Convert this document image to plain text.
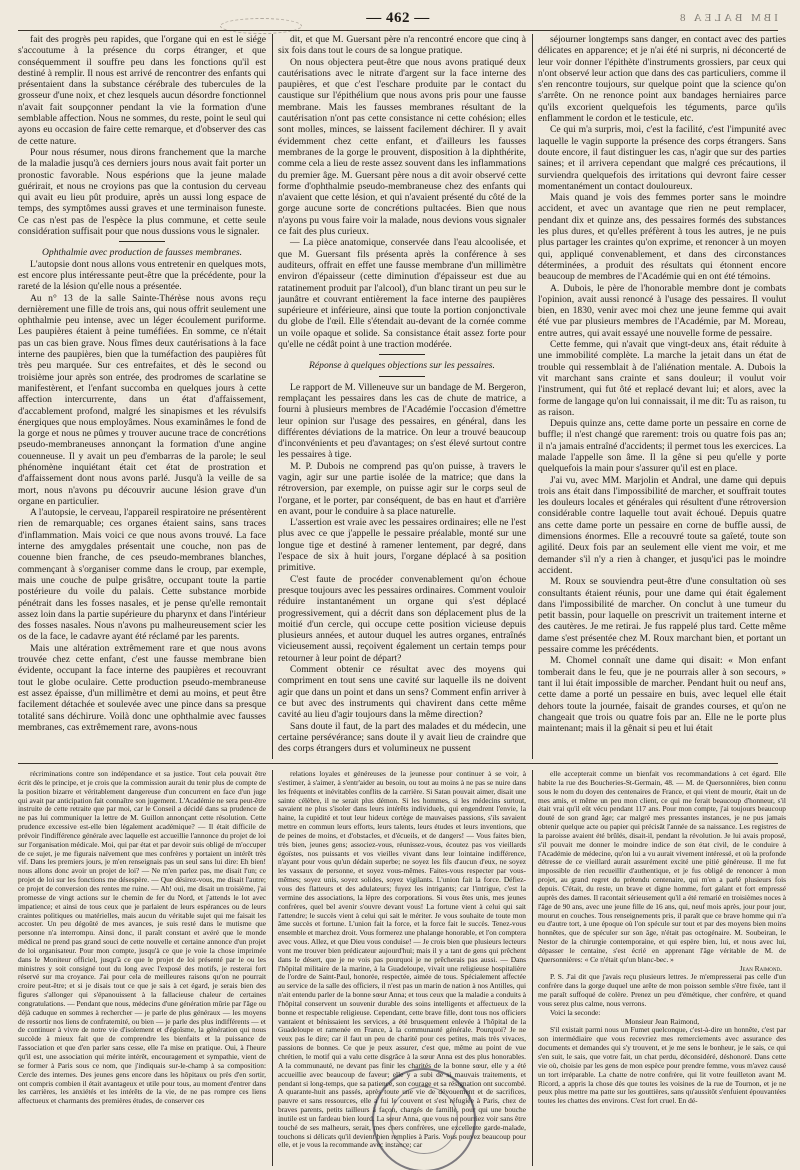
— 462 —	IBM BALEA 8

fait des progrès peu rapides, que l'organe qui en est le siége s'accoutume à la présence du corps étranger, et que conséquemment il souffre peu dans les fonctions qu'il est destiné à remplir. Il nous est arrivé de rencontrer des enfants qui présentaient dans la substance cérébrale des tubercules de la grosseur d'une noix, et chez lesquels aucun désordre fonctionnel n'avait fait soupçonner pendant la vie la formation d'une semblable affection. Nous ne sommes, du reste, point le seul qui ayons eu occasion de faire cette remarque, et d'observer des cas de cette nature.

Pour nous résumer, nous dirons franchement que la marche de la maladie jusqu'à ces derniers jours nous avait fait porter un pronostic favorable. Nous espérions que la jeune malade guérirait, et nous ne croyions pas que la contusion du cerveau qui avait eu lieu pût produire, après un aussi long espace de temps, des symptômes aussi graves et une terminaison funeste. Ce cas n'est pas de l'espèce la plus commune, et cette seule considération suffisait pour que nous dussions vous le signaler.

Ophthalmie avec production de fausses membranes.

L'autopsie dont nous allons vous entretenir en quelques mots, est encore plus intéressante peut-être que la précédente, pour la rareté de la lésion qu'elle nous a présentée.

Au n° 13 de la salle Sainte-Thérèse nous avons reçu dernièrement une fille de trois ans, qui nous offrit seulement une ophthalmie peu intense, avec un léger écoulement puriforme. Les paupières étaient à peine tuméfiées. En somme, ce n'était pas un cas bien grave. Nous fîmes deux cautérisations à la face interne des paupières, bien que la tuméfaction des paupières fût très peu marquée. Sur ces entrefaites, et dès le second ou troisième jour après son entrée, des prodromes de scarlatine se manifestèrent, et l'enfant succomba en quelques jours à cette affection intercurrente, dans un état d'affaissement, d'accablement profond, malgré les sinapismes et les révulsifs énergiques que nous employâmes. Nous examinâmes le fond de la gorge et nous ne pûmes y trouver aucune trace de concrétions pseudo-membraneuses annonçant la formation d'une angine couenneuse. Il y avait un peu d'embarras de la parole; le seul phénomène inquiétant était cet état de prostration et d'affaissement dont nous avons parlé. Jusqu'à la veille de sa mort, nous n'avons pu découvrir aucune lésion grave d'un organe en particulier.

A l'autopsie, le cerveau, l'appareil respiratoire ne présentèrent rien de remarquable; ces organes étaient sains, sans traces d'inflammation. Mais voici ce que nous avons trouvé. La face interne des amygdales présentait une couche, non pas de couenne bien franche, de ces pseudo-membranes blanches, commençant à s'organiser comme dans le croup, par exemple, mais une couche de pulpe grisâtre, occupant toute la partie postérieure du voile du palais. Cette substance morbide pénétrait dans les fosses nasales, et je pense qu'elle remontait assez loin dans la partie supérieure du pharynx et dans l'intérieur des fosses nasales. Nous n'avons pu malheureusement scier les os de la face, le cadavre ayant été réclamé par les parents.

Mais une altération extrêmement rare et que nous avons trouvée chez cette enfant, c'est une fausse membrane bien évidente, occupant la face interne des paupières et recouvrant tout le globe oculaire. Cette production pseudo-membraneuse est assez épaisse, d'un millimètre et demi au moins, et peut être facilement détachée et soulevée avec une pince dans sa presque totalité sans déchirure. Voilà donc une ophthalmie avec fausses membranes, cas extrêmement rare, avons-nous

dit, et que M. Guersant père n'a rencontré encore que cinq à six fois dans tout le cours de sa longue pratique.

On nous objectera peut-être que nous avons pratiqué deux cautérisations avec le nitrate d'argent sur la face interne des paupières, et que c'est l'eschare produite par le contact du caustique sur l'épithélium que nous avons pris pour une fausse membrane. Mais les fausses membranes résultant de la cautérisation n'ont pas cette consistance ni cette cohésion; elles sont molles, minces, se laissent facilement déchirer. Il y avait évidemment chez cette enfant, et d'ailleurs les fausses membranes de la gorge le prouvent, disposition à la diphthérite, comme cela a lieu de reste assez souvent dans les inflammations du premier âge. M. Guersant père nous a dit avoir observé cette forme d'ophthalmie pseudo-membraneuse chez des enfants qui n'avaient que cette lésion, et qui n'avaient présenté du côté de la gorge aucune sorte de concrétions pultacées. Bien que nous n'ayons pu vous faire voir la malade, nous devions vous signaler ce fait des plus curieux.

— La pièce anatomique, conservée dans l'eau alcoolisée, et que M. Guersant fils présenta après la conférence à ses auditeurs, offrait en effet une fausse membrane d'un millimètre environ d'épaisseur (cette diminution d'épaisseur est due au ratatinement produit par l'alcool), d'un blanc tirant un peu sur le jaunâtre et couvrant entièrement la face interne des paupières supérieure et inférieure, ainsi que toute la portion conjonctivale du globe de l'œil. Elle s'étendait au-devant de la cornée comme un voile opaque et solide. Sa consistance était assez forte pour qu'elle ne cédât point à une traction modérée.

Réponse à quelques objections sur les pessaires.

Le rapport de M. Villeneuve sur un bandage de M. Bergeron, remplaçant les pessaires dans les cas de chute de matrice, a fourni à plusieurs membres de l'Académie l'occasion d'émettre leur opinion sur l'usage des pessaires, en général, dans les différentes déviations de la matrice. On leur a trouvé beaucoup d'inconvénients et peu d'avantages; on s'est élevé surtout contre les pessaires à tige.

M. P. Dubois ne comprend pas qu'on puisse, à travers le vagin, agir sur une partie isolée de la matrice; que dans la rétroversion, par exemple, on puisse agir sur le corps seul de l'organe, et le porter, par conséquent, de bas en haut et d'arrière en avant, pour le conduire à sa place naturelle.

L'assertion est vraie avec les pessaires ordinaires; elle ne l'est plus avec ce que j'appelle le pessaire préalable, monté sur une longue tige et destiné à ramener lentement, par degré, dans l'espace de six à huit jours, l'organe déplacé à sa position primitive.

C'est faute de procéder convenablement qu'on échoue presque toujours avec les pessaires ordinaires. Comment vouloir réduire instantanément un organe qui s'est déplacé progressivement, qui a décrit dans son déplacement plus de la moitié d'un cercle, qui occupe cette position vicieuse depuis plusieurs années, et autour duquel les autres organes, entraînés vicieusement aussi, reçoivent également un certain temps pour retourner à leur point de départ?

Comment obtenir ce résultat avec des moyens qui compriment en tout sens une cavité sur laquelle ils ne doivent agir que dans un point et dans un sens? Comment enfin arriver à ce but avec des instruments qui chavirent dans cette même cavité au lieu d'agir toujours dans la même direction?

Sans doute il faut, de la part des malades et du médecin, une certaine persévérance; sans doute il y avait lieu de craindre que des corps étrangers durs et volumineux ne pussent

séjourner longtemps sans danger, en contact avec des parties délicates en apparence; et je n'ai été ni surpris, ni déconcerté de leur voir donner l'épithète d'instruments grossiers, par ceux qui n'ont observé leur action que dans des cas particuliers, comme il s'en rencontre toujours, sur quelque point que la science qu'on s'arrête. On ne renonce point aux bandages herniaires parce qu'ils excorient quelquefois les téguments, parce qu'ils enflamment le cordon et le testicule, etc.

Ce qui m'a surpris, moi, c'est la facilité, c'est l'impunité avec laquelle le vagin supporte la présence des corps étrangers. Sans doute encore, il faut distinguer les cas, n'agir que sur des parties saines; et il arrivera cependant que malgré ces précautions, il surviendra quelquefois des irritations qui devront faire cesser momentanément un contact douloureux.

Mais quand je vois des femmes porter sans le moindre accident, et avec un avantage que rien ne peut remplacer, pendant dix et quinze ans, des pessaires formés des substances les plus dures, et qu'elles préfèrent à tous les autres, je ne puis plus partager les craintes qu'on exprime, et renoncer à un moyen qui, appliqué convenablement, et dans des circonstances déterminées, a produit des résultats qui étonnent encore beaucoup de membres de l'Académie qui en ont été témoins.

A. Dubois, le père de l'honorable membre dont je combats l'opinion, avait aussi renoncé à l'usage des pessaires. Il voulut bien, en 1830, venir avec moi chez une jeune femme qui avait été vue par plusieurs membres de l'Académie, par M. Moreau, entre autres, qui avait essayé une nouvelle forme de pessaire.

Cette femme, qui n'avait que vingt-deux ans, était réduite à une immobilité complète. La marche la jetait dans un état de trouble qui ressemblait à de l'aliénation mentale. A. Dubois la vit marchant sans crainte et sans douleur; il voulut voir l'instrument, qui fut ôté et replacé devant lui; et alors, avec la forme de langage qu'on lui connaissait, il me dit: Tu as raison, tu as raison.

Depuis quinze ans, cette dame porte un pessaire en corne de buffle; il n'est changé que rarement: trois ou quatre fois pas an; il n'a jamais entraîné d'accidents; il permet tous les exercices. La malade l'appelle son âme. Il la gêne si peu qu'elle y porte quelquefois la main pour s'assurer qu'il est en place.

J'ai vu, avec MM. Marjolin et Andral, une dame qui depuis trois ans était dans l'impossibilité de marcher, et souffrait toutes les douleurs locales et générales qui résultent d'une rétroversion considérable contre laquelle tout avait échoué. Depuis quatre ans cette dame porte un pessaire en corne de buffle aussi, de dimensions énormes. Elle a recouvré toute sa gaîeté, toute son agilité. Deux fois par an seulement elle vient me voir, et me demander s'il n'y a rien à changer, et jusqu'ici pas le moindre accident.

M. Roux se souviendra peut-être d'une consultation où ses consultants étaient réunis, pour une dame qui était également dans l'impossibilité de marcher. On conclut à une tumeur du petit bassin, pour laquelle on prescrivit un traitement interne et des cautères. Je me retirai. Je fus rappelé plus tard. Cette même dame s'est présentée chez M. Roux marchant bien, et portant un pessaire comme les précédents.

M. Chomel connaît une dame qui disait: « Mon enfant tomberait dans le feu, que je ne pourrais aller à son secours, » tant il lui était impossible de marcher. Pendant huit ou neuf ans, cette dame a porté un pessaire en buis, avec lequel elle était dehors toute la journée, faisait de grandes courses, et qu'on ne changeait que trois ou quatre fois par an. Elle ne le porte plus maintenant; mais il la gênait si peu et lui était

récriminations contre son indépendance et sa justice. Tout cela pouvait être écrit dès le principe, et je crois que la commission aurait du tenir plus de compte de la position bizarre et véritablement dangereuse d'un concurrent en face d'un juge qui avait par anticipation fait connaître son jugement. L'Académie ne sera peut-être instruite de cette retraite que par moi, car le Conseil a décidé dans sa prudence de ne pas lui communiquer la lettre de M. Guillon annonçant cette résolution. Cette prudence excessive est-elle bien légalement académique? — Il était difficile de prévoir l'indifférence générale avec laquelle est accueillie l'annonce du projet de loi sur l'organisation médicale. Moi, qui par état et par devoir suis obligé de m'occuper de ce sujet, je me figurais naïvement que mes confrères y portaient un intérêt très vif. Dans les premiers jours, je m'en renseignais pas un seul sans lui dire: Eh bien! nous allons donc avoir un projet de loi? — Ne m'en parlez pas, me disait l'un; ce projet de loi sur les fonctions me désespère. — Que désirez-vous, me disait l'autre; ce projet de conversion des rentes me ruine. — Ah! oui, me disait un troisième, j'ai promesse de vingt actions sur le chemin de fer du Nord, et j'attends le lot avec impatience; et ainsi de tous ceux que je parlaient de leurs espérances ou de leurs craintes politiques ou matérielles, mais aucun du véritable sujet qui me faisait les accoster. Un peu dégoûté de mes avances, je suis resté dans le mutisme que personne n'a interrompu. Ainsi donc, il paraît constant et avéré que le monde médical ne prend pas grand souci de cette nouvelle et certaine annonce d'un projet de loi organisateur. Pour mon compte, jusqu'à ce que je voie la chose imprimée dans le Moniteur officiel, jusqu'à ce que le projet de loi présenté par le ou les ministres y soit consigné tout du long avec l'exposé des motifs, je resterai fort réservé sur ma croyance. J'ai pour cela de meilleures raisons qu'on ne pourrait croire peut-être; et si je disais tout ce que je sais à cet égard, je serais bien des figures s'allonger qui s'épanouissent à la fallacieuse chaleur de certaines congratulations. — Pendant que nous, médecins d'une génération mûrie par l'âge ou déjà caduque en sommes à rechercher — je parle de plus généraux — les moyens de ressortir nos liens de confraternité, ou bien — je parle des plus indifférents — et de continuer à vivre de notre vie d'isolement et d'égoïsme, la génération qui nous succède à mieux fait que de comprendre les bienfaits et la puissance de l'association et que d'en parler sans cesse, elle l'a mise en pratique. Oui, à l'heure qu'il est, une association qui mérite intérêt, encouragement et sympathie, vient de se former à Paris sous ce nom, que j'indiquais sur-le-champ à sa composition: Cercle des internes. Des jeunes gens encore dans les hôpitaux ou près d'en sortir, ont compris combien il était avantageux et utile pour tous, au moment d'entrer dans les carrières, les anxiétés et les intérêts de la vie, de ne pas rompre ces liens affectueux et charmants des premières études, de conserver ces

relations loyales et généreuses de la jeunesse pour continuer à se voir, à s'estimer, à s'aimer, à s'entr'aider au besoin, ou tout au moins à ne pas se nuire dans les fréquents et inévitables conflits de la carrière. Si Satan pouvait aimer, disait une sainte célèbre, il ne serait plus démon. Si les hommes, si les médecins surtout, savaient ne plus s'isoler dans leurs intérêts individuels, qui engendrent l'envie, la haine, la cupidité et tout leur hideux cortège de mauvaises passions, s'ils savaient mettre en commun leurs efforts, leurs talents, leurs études et leurs inventions, que de peines de moins, et d'obstacles, et d'écueils, et de dangers! — Vous faites bien, très bien, jeunes gens; associez-vous, réunissez-vous, écoutez pas vos vieillards égoïstes, nos puissants et vos vieilles vivant dans leur lointaine indifférence, n'ayant pour vous qu'un dédain superbe; ne soyez les fils d'aucun d'eux, ne soyez les vassaux de personne, et soyez vous-mêmes. Faites-vous respecter par vous-mêmes; soyez unis, soyez solides, soyez vigilants. L'union fait la force. Défiez-vous des flatteurs et des adulateurs; fuyez les intrigants; car l'intrigue, c'est la vermine des associations, la lèpre des corporations. Si vous êtes unis, mes jeunes confrères, quel bel avenir s'ouvre devant vous! La fortune vient à celui qui sait l'attendre; le succès vient à celui qui sait le mériter. Je vous souhaite de toute mon âme succès et fortune. L'union fait la force, et la force fait le succès. Tenez-vous ensemble et marchez droit. Vous formerez une phalange honorable, et l'on comptera avec vous. Allez, et que Dieu vous conduise! — Je crois bien que plusieurs lecteurs vont me trouver bien prédicateur aujourd'hui; mais il y a tant de gens qui prêchent dans le désert, que je ne vois pas pourquoi je ne prêcherais pas aussi. — Dans l'hôpital militaire de la marine, à la Guadeloupe, vivait une religieuse hospitalière de l'ordre de Saint-Paul, honorée, respectée, aimée de tous. Spécialement affectée au service de la salle des officiers, il n'est pas un marin de nation à nos Antilles, qui n'ait entendu parler de la bonne sœur Anna; et tous ceux que la maladie a conduits à l'hôpital conservent un souvenir durable des soins intelligents et affectueux de la bonne et respectable religieuse. Cependant, cette brave fille, dont tous nos officiers vantaient et bénissaient les services, a été brusquement enlevée à l'hôpital de la Guadeloupe et ramenée en France, à la communauté générale. Pourquoi? Je ne veux pas le dire; car il faut un peu de charité pour ces petites, mais très vivaces, passions de bonnes. Ce que je peux assurer, c'est que, même au point de vue chrétien, le motif qui a valu cette disgrâce à la sœur Anna est des plus honorables. A la communauté, ne devant pas finir les charités de la bonne sœur, elle y a été accueillie avec beaucoup de faveur; elle y a subi de si mauvais traitements, et pendant si long-temps, que sa patience, son courage et sa résignation ont succombé. A quarante-huit ans passés, après toute une vie de dévouement et de sacrifices, pauvre et sans ressources, elle a fui le couvent et s'est réfugiée à Paris, chez de braves parents, petits tailleurs à façon, chargés de famille, pour qui une bouche inutile est un fardeau bien lourd. La sœur Anna, que vous ne pourriez voir sans être touché de ses malheurs, serait, mes chers confrères, une excellente garde-malade, touchons si délicats qu'il devient bien remplies à Paris. Vous pouvez beaucoup pour elle, et je vous la recommande avec instance; car

elle accepterait comme un bienfait vos recommandations à cet égard. Elle habite la rue des Boucheries-St-Germain, 48. — M. de Quersonnières, bien connu sous le nom du doyen des centenaires de France, et qui vient de mourir, était un de mes amis, et même un peu mon client, ce qui me ferait beaucoup d'honneur, s'il était vrai qu'il eût vécu pendant 117 ans. Pour mon compte, j'ai toujours beaucoup douté de son grand âge; car malgré mes pressantes instances, je ne pus jamais obtenir quelque acte ou papier qui précisât l'année de sa naissance. Les registres de la paroisse avaient été brûlés, disait-il, pendant la révolution. Je lui avais proposé, s'il pouvait me donner le moindre indice de son état civil, de le conduire à l'Académie de médecine, qu'on lui a vu aurait vivement intéressé, et où la profonde détresse de ce vieillard aurait assurément excité une pitié généreuse. Il me fut impossible de rien recueillir d'authentique, et je fus obligé de renoncer à mon projet, au grand regret du prétendu centenaire, qui m'en a parlé plusieurs fois depuis. C'était, du reste, un brave et digne homme, fort galant et fort empressé auprès des dames. Il racontait sérieusement qu'il a été remarié en troisièmes noces à l'âge de 90 ans, avec une jeune fille de 16 ans, qui, neuf mois après, jour pour jour, mourut en couches. Tous renseignements pris, il paraît que ce brave homme qui n'a eu d'autre tort, à une époque où l'on spécule sur tout et par des moyens bien moins honnêtes, que de spéculer sur son âge, n'était pas octogénaire. M. Soubeiran, le Nestor de la chirurgie contemporaine, et qui espère bien, lui, et nous avec lui, dépasser le centaine, s'est écrié en apprenant l'âge véritable de M. de Quersonnières: « Ce n'était qu'un blanc-bec. »

Jean Raimond.

P. S. J'ai dit que j'avais reçu plusieurs lettres. Je m'empresserai pas celle d'un confrère dans la gorge duquel une arête de mon poisson semble s'être fixée, tant il me paraît suffoqué de colère. Prenez un peu d'émétique, cher confrère, et quand vous serez plus calme, nous verrons.

Voici la seconde:

Monsieur Jean Raimond,

S'il existait parmi nous un Fumet quelconque, c'est-à-dire un honnête, c'est par son intermédiaire que vous recevriez mes remerciements avec assurance des documents et demandes qui s'y trouvent, et je me sens le bonheur, je le sais, ce qui s'en suit, le sais, que votre fait, un chat perdu, déconsidéré, déshonoré. Dans cette vie où, choisie par les gens de mon espèce pour prendre femme, vous m'avez causé un tort irréparable. La chatte de notre confrère, qui lit votre feuilleton avant M. Ricord, a appris la chose dès que toutes les voisines de la rue de Tournon, et je ne peux plus mettre ma patte sur les gouttières, sans qu'aussitôt s'enfuient épouvantées toutes les chattes des environs. C'est fort cruel. En dé-
